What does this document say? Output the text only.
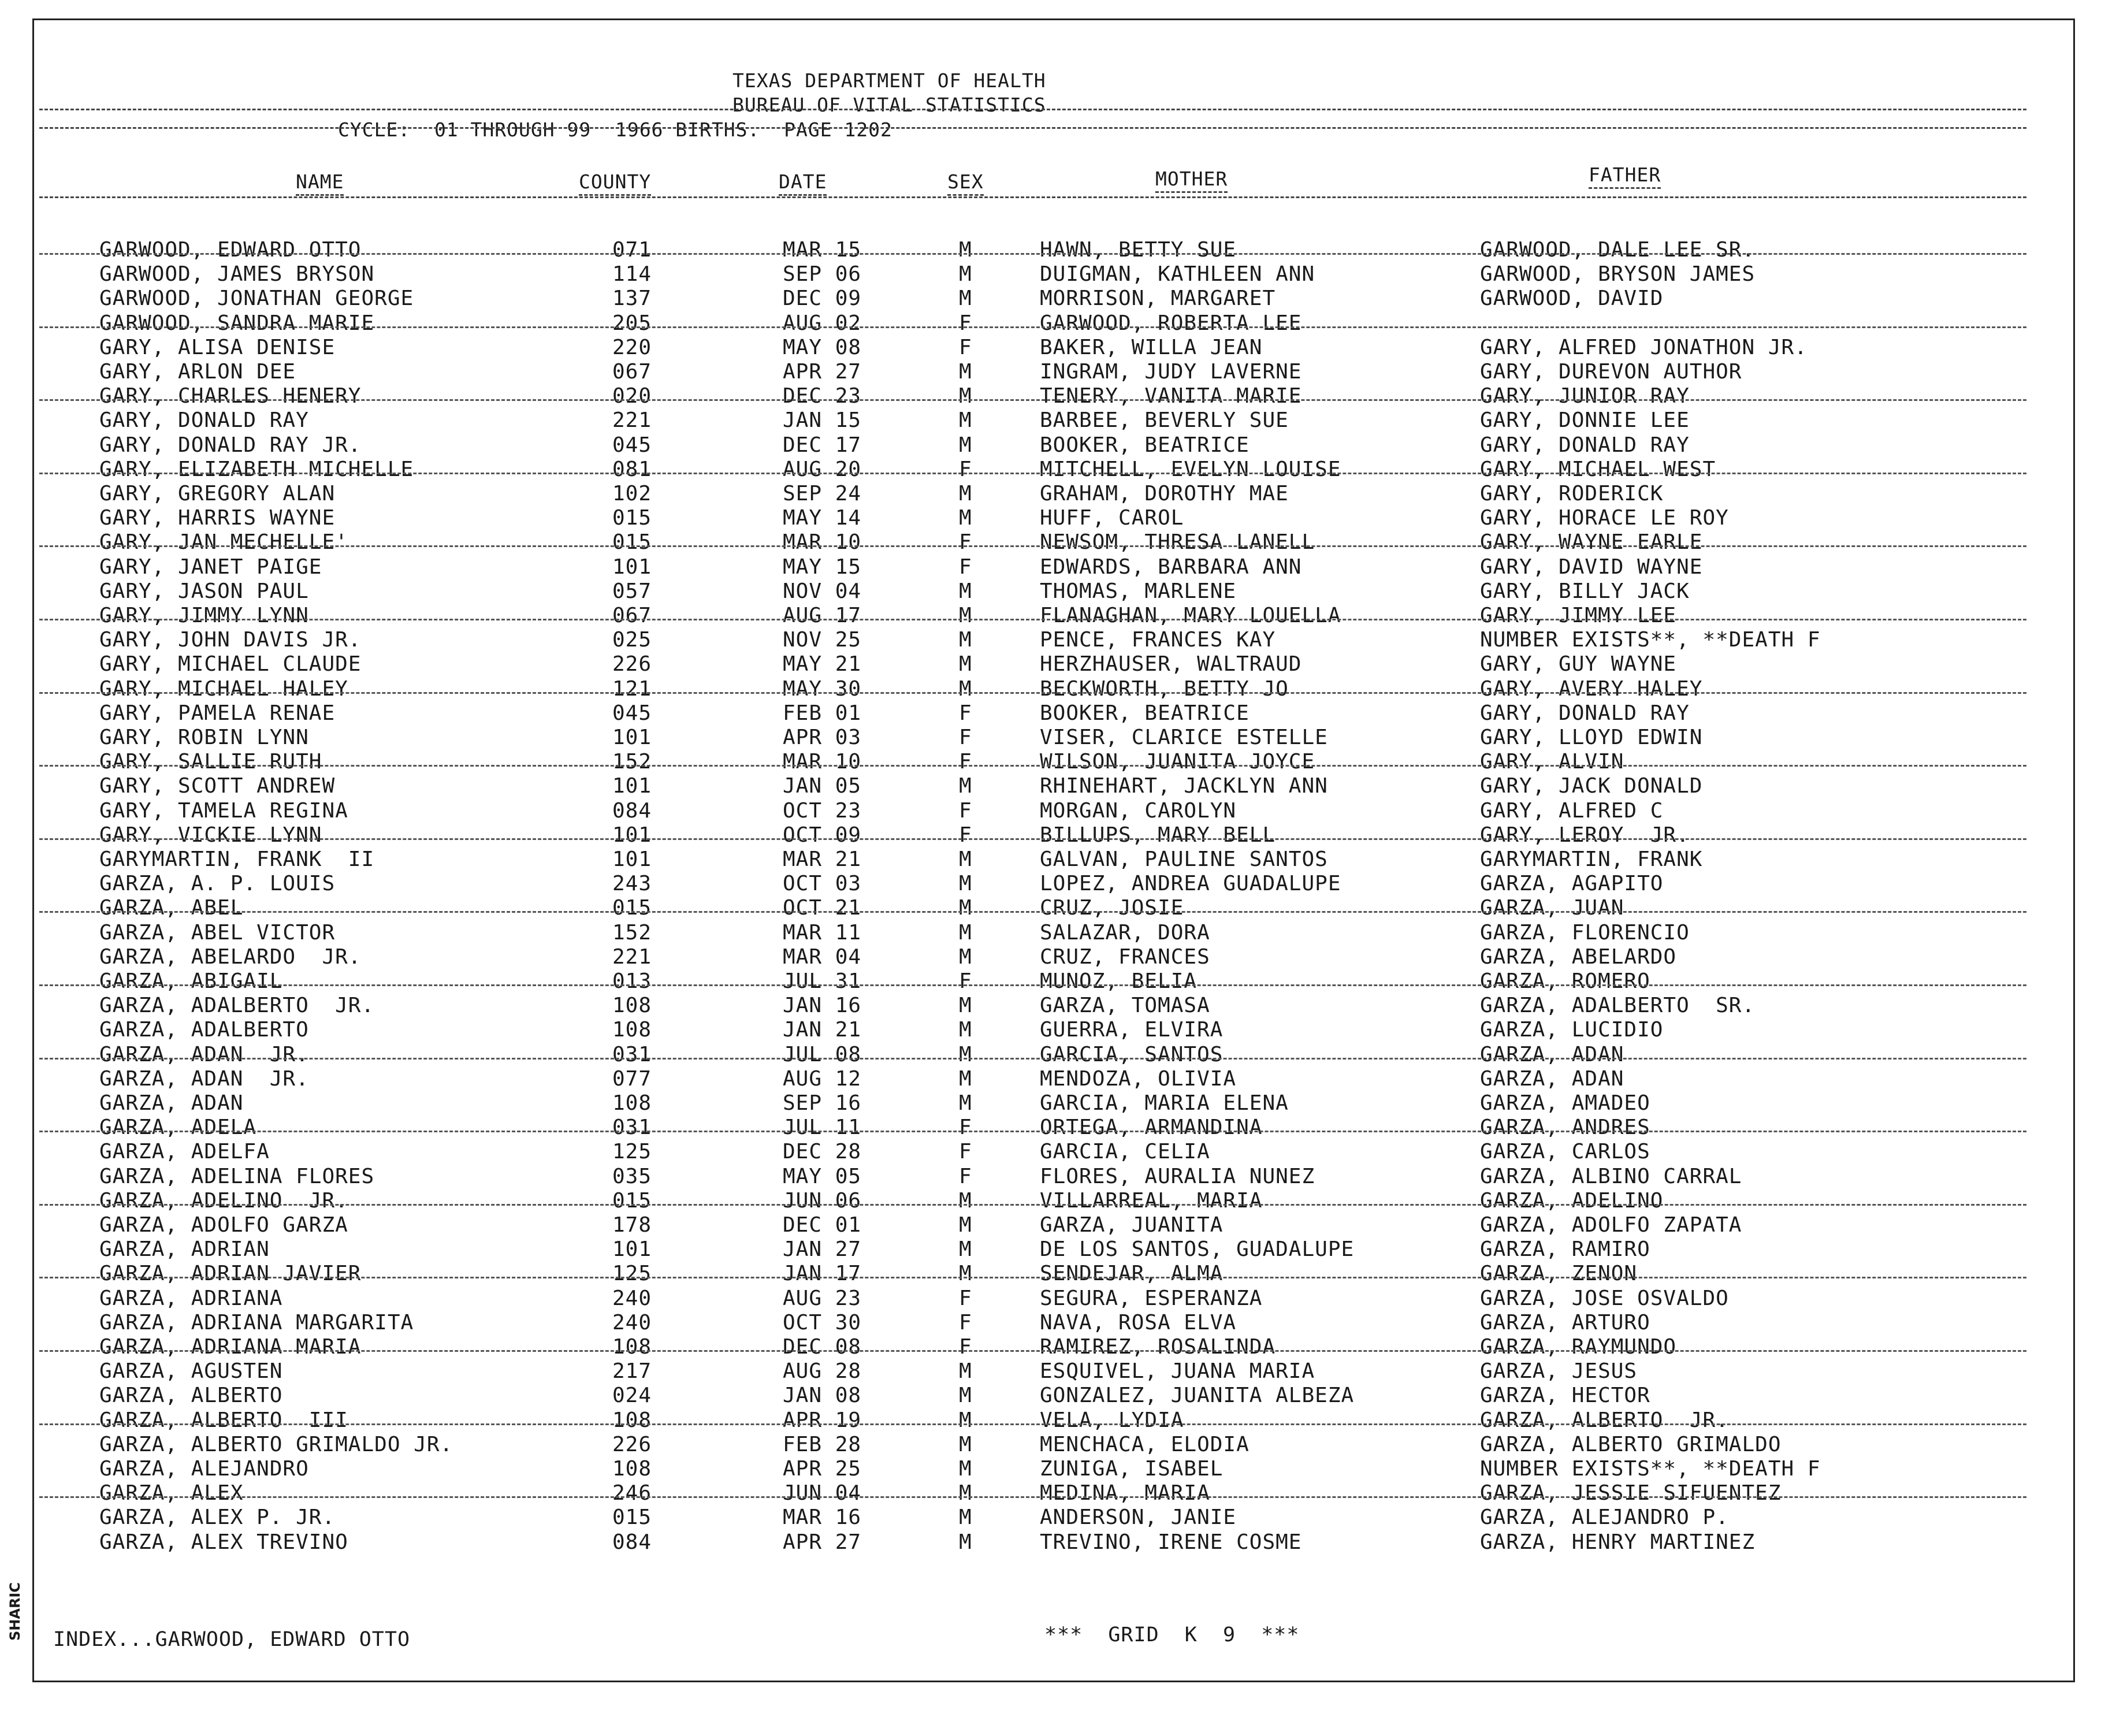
TEXAS DEPARTMENT OF HEALTH
BUREAU OF VITAL STATISTICS
CYCLE:  01 THROUGH 99  1966 BIRTHS.  PAGE 1202
NAME	COUNTY	DATE	SEX	MOTHER	FATHER
GARWOOD, EDWARD OTTO	071	MAR 15	M	HAWN, BETTY SUE	GARWOOD, DALE LEE SR.
GARWOOD, JAMES BRYSON	114	SEP 06	M	DUIGMAN, KATHLEEN ANN	GARWOOD, BRYSON JAMES
GARWOOD, JONATHAN GEORGE	137	DEC 09	M	MORRISON, MARGARET	GARWOOD, DAVID
GARWOOD, SANDRA MARIE	205	AUG 02	F	GARWOOD, ROBERTA LEE
GARY, ALISA DENISE	220	MAY 08	F	BAKER, WILLA JEAN	GARY, ALFRED JONATHON JR.
GARY, ARLON DEE	067	APR 27	M	INGRAM, JUDY LAVERNE	GARY, DUREVON AUTHOR
GARY, CHARLES HENERY	020	DEC 23	M	TENERY, VANITA MARIE	GARY, JUNIOR RAY
GARY, DONALD RAY	221	JAN 15	M	BARBEE, BEVERLY SUE	GARY, DONNIE LEE
GARY, DONALD RAY JR.	045	DEC 17	M	BOOKER, BEATRICE	GARY, DONALD RAY
GARY, ELIZABETH MICHELLE	081	AUG 20	F	MITCHELL, EVELYN LOUISE	GARY, MICHAEL WEST
GARY, GREGORY ALAN	102	SEP 24	M	GRAHAM, DOROTHY MAE	GARY, RODERICK
GARY, HARRIS WAYNE	015	MAY 14	M	HUFF, CAROL	GARY, HORACE LE ROY
GARY, JAN MECHELLE'	015	MAR 10	F	NEWSOM, THRESA LANELL	GARY, WAYNE EARLE
GARY, JANET PAIGE	101	MAY 15	F	EDWARDS, BARBARA ANN	GARY, DAVID WAYNE
GARY, JASON PAUL	057	NOV 04	M	THOMAS, MARLENE	GARY, BILLY JACK
GARY, JIMMY LYNN	067	AUG 17	M	FLANAGHAN, MARY LOUELLA	GARY, JIMMY LEE
GARY, JOHN DAVIS JR.	025	NOV 25	M	PENCE, FRANCES KAY	NUMBER EXISTS**, **DEATH F
GARY, MICHAEL CLAUDE	226	MAY 21	M	HERZHAUSER, WALTRAUD	GARY, GUY WAYNE
GARY, MICHAEL HALEY	121	MAY 30	M	BECKWORTH, BETTY JO	GARY, AVERY HALEY
GARY, PAMELA RENAE	045	FEB 01	F	BOOKER, BEATRICE	GARY, DONALD RAY
GARY, ROBIN LYNN	101	APR 03	F	VISER, CLARICE ESTELLE	GARY, LLOYD EDWIN
GARY, SALLIE RUTH	152	MAR 10	F	WILSON, JUANITA JOYCE	GARY, ALVIN
GARY, SCOTT ANDREW	101	JAN 05	M	RHINEHART, JACKLYN ANN	GARY, JACK DONALD
GARY, TAMELA REGINA	084	OCT 23	F	MORGAN, CAROLYN	GARY, ALFRED C
GARY, VICKIE LYNN	101	OCT 09	F	BILLUPS, MARY BELL	GARY, LEROY  JR.
GARYMARTIN, FRANK  II	101	MAR 21	M	GALVAN, PAULINE SANTOS	GARYMARTIN, FRANK
GARZA, A. P. LOUIS	243	OCT 03	M	LOPEZ, ANDREA GUADALUPE	GARZA, AGAPITO
GARZA, ABEL	015	OCT 21	M	CRUZ, JOSIE	GARZA, JUAN
GARZA, ABEL VICTOR	152	MAR 11	M	SALAZAR, DORA	GARZA, FLORENCIO
GARZA, ABELARDO  JR.	221	MAR 04	M	CRUZ, FRANCES	GARZA, ABELARDO
GARZA, ABIGAIL	013	JUL 31	F	MUNOZ, BELIA	GARZA, ROMERO
GARZA, ADALBERTO  JR.	108	JAN 16	M	GARZA, TOMASA	GARZA, ADALBERTO  SR.
GARZA, ADALBERTO	108	JAN 21	M	GUERRA, ELVIRA	GARZA, LUCIDIO
GARZA, ADAN  JR.	031	JUL 08	M	GARCIA, SANTOS	GARZA, ADAN
GARZA, ADAN  JR.	077	AUG 12	M	MENDOZA, OLIVIA	GARZA, ADAN
GARZA, ADAN	108	SEP 16	M	GARCIA, MARIA ELENA	GARZA, AMADEO
GARZA, ADELA	031	JUL 11	F	ORTEGA, ARMANDINA	GARZA, ANDRES
GARZA, ADELFA	125	DEC 28	F	GARCIA, CELIA	GARZA, CARLOS
GARZA, ADELINA FLORES	035	MAY 05	F	FLORES, AURALIA NUNEZ	GARZA, ALBINO CARRAL
GARZA, ADELINO  JR.	015	JUN 06	M	VILLARREAL, MARIA	GARZA, ADELINO
GARZA, ADOLFO GARZA	178	DEC 01	M	GARZA, JUANITA	GARZA, ADOLFO ZAPATA
GARZA, ADRIAN	101	JAN 27	M	DE LOS SANTOS, GUADALUPE	GARZA, RAMIRO
GARZA, ADRIAN JAVIER	125	JAN 17	M	SENDEJAR, ALMA	GARZA, ZENON
GARZA, ADRIANA	240	AUG 23	F	SEGURA, ESPERANZA	GARZA, JOSE OSVALDO
GARZA, ADRIANA MARGARITA	240	OCT 30	F	NAVA, ROSA ELVA	GARZA, ARTURO
GARZA, ADRIANA MARIA	108	DEC 08	F	RAMIREZ, ROSALINDA	GARZA, RAYMUNDO
GARZA, AGUSTEN	217	AUG 28	M	ESQUIVEL, JUANA MARIA	GARZA, JESUS
GARZA, ALBERTO	024	JAN 08	M	GONZALEZ, JUANITA ALBEZA	GARZA, HECTOR
GARZA, ALBERTO  III	108	APR 19	M	VELA, LYDIA	GARZA, ALBERTO  JR.
GARZA, ALBERTO GRIMALDO JR.	226	FEB 28	M	MENCHACA, ELODIA	GARZA, ALBERTO GRIMALDO
GARZA, ALEJANDRO	108	APR 25	M	ZUNIGA, ISABEL	NUMBER EXISTS**, **DEATH F
GARZA, ALEX	246	JUN 04	M	MEDINA, MARIA	GARZA, JESSIE SIFUENTEZ
GARZA, ALEX P. JR.	015	MAR 16	M	ANDERSON, JANIE	GARZA, ALEJANDRO P.
GARZA, ALEX TREVINO	084	APR 27	M	TREVINO, IRENE COSME	GARZA, HENRY MARTINEZ
INDEX...GARWOOD, EDWARD OTTO	***  GRID  K  9  ***
SHARIC
